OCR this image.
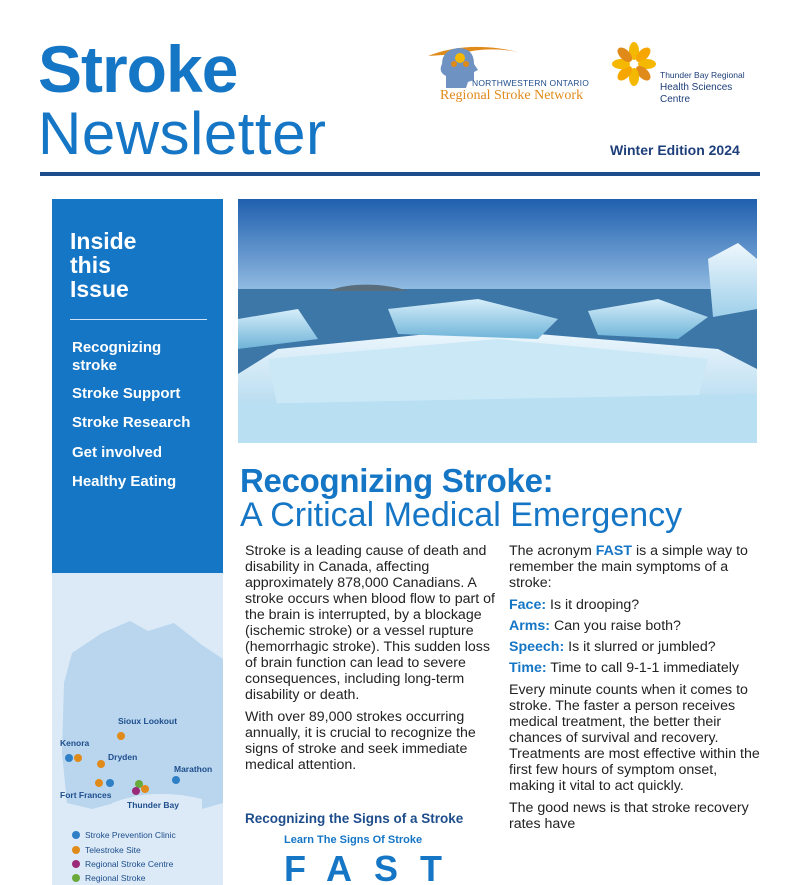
Stroke
Newsletter	Winter Edition 2024
NORTHWESTERN ONTARIO
Regional Stroke Network
Thunder Bay Regional
Health Sciences
Centre
Inside
this
Issue
Recognizing
stroke
Stroke Support
Stroke Research
Get involved
Healthy Eating
Sioux Lookout
Kenora
Dryden
Marathon
Fort Frances
Thunder Bay
Stroke Prevention Clinic
Telestroke Site
Regional Stroke Centre
Regional Stroke
Recognizing Stroke:
A Critical Medical Emergency

Stroke is a leading cause of death and disability in Canada, affecting approximately 878,000 Canadians. A stroke occurs when blood flow to part of the brain is interrupted, by a blockage (ischemic stroke) or a vessel rupture (hemorrhagic stroke). This sudden loss of brain function can lead to severe consequences, including long-term disability or death.

With over 89,000 strokes occurring annually, it is crucial to recognize the signs of stroke and seek immediate medical attention.

Recognizing the Signs of a Stroke
Learn The Signs Of Stroke
FAST

The acronym FAST is a simple way to remember the main symptoms of a stroke:

Face: Is it drooping?

Arms: Can you raise both?

Speech: Is it slurred or jumbled?

Time: Time to call 9-1-1 immediately

Every minute counts when it comes to stroke. The faster a person receives medical treatment, the better their chances of survival and recovery. Treatments are most effective within the first few hours of symptom onset, making it vital to act quickly.

The good news is that stroke recovery rates have
